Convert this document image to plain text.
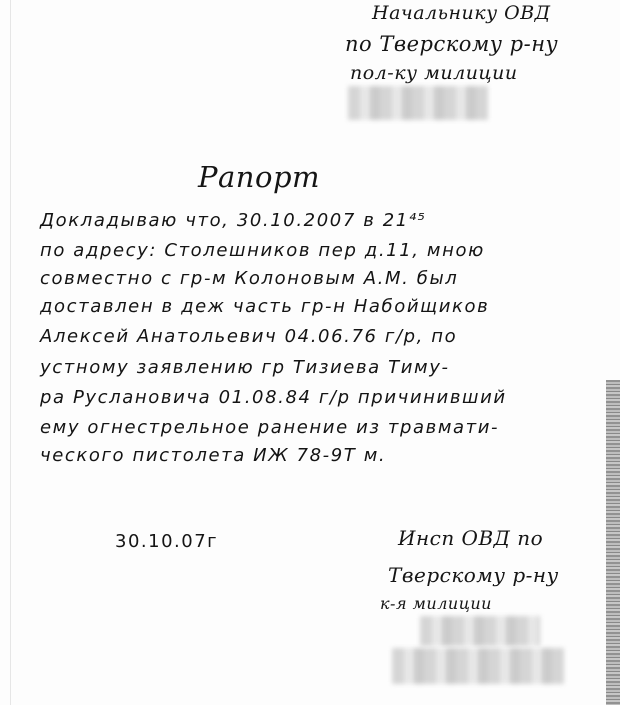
Начальнику ОВД
по Тверскому р-ну
пол-ку милиции
Рапорт
Докладываю что, 30.10.2007 в 21⁴⁵
по адресу: Столешников пер д.11, мною
совместно с гр-м Колоновым А.М. был
доставлен в деж часть гр-н Набойщиков
Алексей Анатольевич 04.06.76 г/р, по
устному заявлению гр Тизиева Тиму-
ра Руслановича 01.08.84 г/р причинивший
ему огнестрельное ранение из травмати-
ческого пистолета ИЖ 78-9Т м.
30.10.07г	Инсп ОВД по
Тверскому р-ну
к-я милиции
